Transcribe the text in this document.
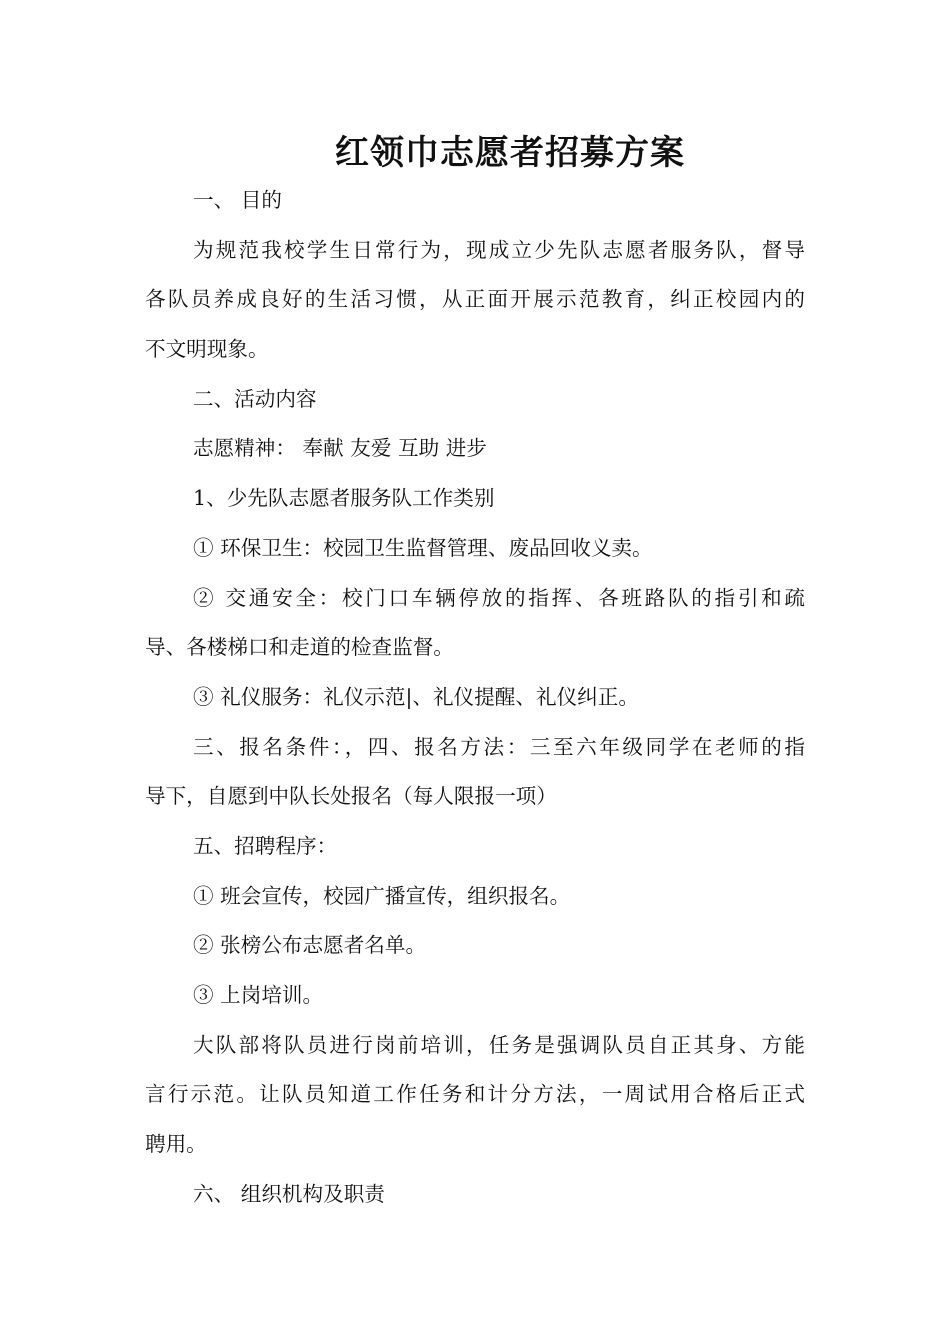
红领巾志愿者招募方案
一、 目的
为规范我校学生日常行为，现成立少先队志愿者服务队，督导
各队员养成良好的生活习惯，从正面开展示范教育，纠正校园内的
不文明现象。
二、活动内容
志愿精神： 奉献 友爱 互助 进步
1、少先队志愿者服务队工作类别
① 环保卫生：校园卫生监督管理、废品回收义卖。
② 交通安全：校门口车辆停放的指挥、各班路队的指引和疏
导、各楼梯口和走道的检查监督。
③ 礼仪服务：礼仪示范|、礼仪提醒、礼仪纠正。
三、报名条件：，四、报名方法：三至六年级同学在老师的指
导下，自愿到中队长处报名（每人限报一项）
五、招聘程序：
① 班会宣传，校园广播宣传，组织报名。
② 张榜公布志愿者名单。
③ 上岗培训。
大队部将队员进行岗前培训，任务是强调队员自正其身、方能
言行示范。让队员知道工作任务和计分方法，一周试用合格后正式
聘用。
六、 组织机构及职责
